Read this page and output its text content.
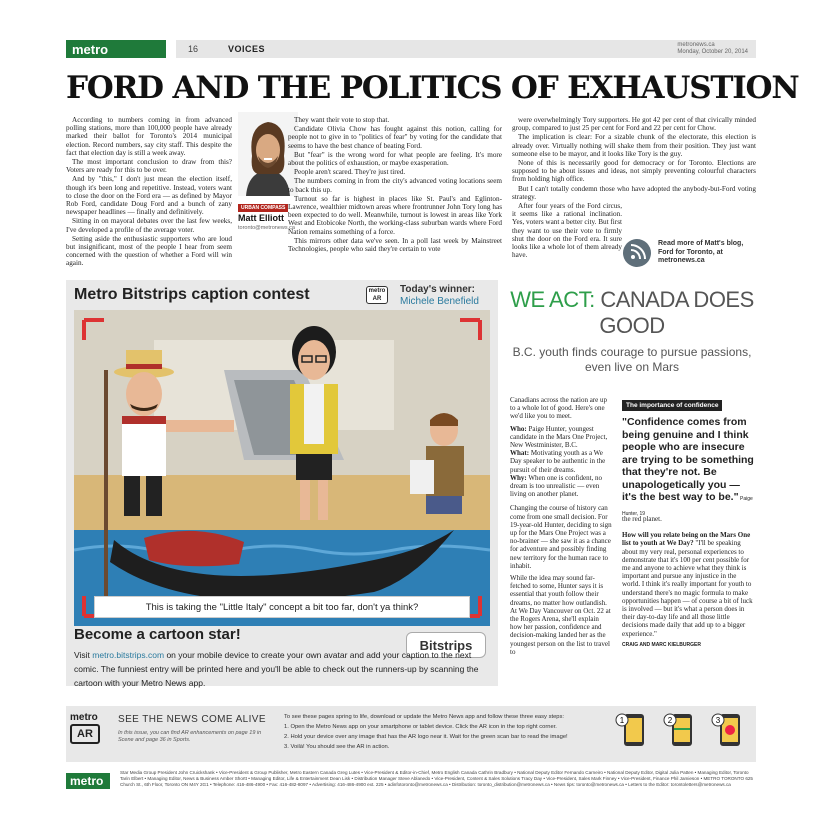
metro	16	VOICES	metronews.ca
Monday, October 20, 2014
FORD AND THE POLITICS OF EXHAUSTION

According to numbers coming in from advanced polling stations, more than 100,000 people have already marked their ballot for Toronto's 2014 municipal election. Record numbers, say city staff. This despite the fact that election day is still a week away.

The most important conclusion to draw from this? Voters are ready for this to be over.

And by "this," I don't just mean the election itself, though it's been long and repetitive. Instead, voters want to close the door on the Ford era — as defined by Mayor Rob Ford, candidate Doug Ford and a bunch of zany newspaper headlines — finally and definitively.

Sitting in on mayoral debates over the last few weeks, I've developed a profile of the average voter.

Setting aside the enthusiastic supporters who are loud but insignificant, most of the people I hear from seem concerned with the question of whether a Ford will win again.

URBAN COMPASS
Matt Elliott
toronto@metronews.ca

They want their vote to stop that.

Candidate Olivia Chow has fought against this notion, calling for people not to give in to "politics of fear" by voting for the candidate that seems to have the best chance of beating Ford.

But "fear" is the wrong word for what people are feeling. It's more about the politics of exhaustion, or maybe exasperation.

People aren't scared. They're just tired.

The numbers coming in from the city's advanced voting locations seem to back this up.

Turnout so far is highest in places like St. Paul's and Eglinton-Lawrence, wealthier midtown areas where frontrunner John Tory long has been expected to do well. Meanwhile, turnout is lowest in areas like York West and Etobicoke North, the working-class suburban wards where Ford Nation remains something of a force.

This mirrors other data we've seen. In a poll last week by Mainstreet Technologies, people who said they're certain to vote

were overwhelmingly Tory supporters. He got 42 per cent of that civically minded group, compared to just 25 per cent for Ford and 22 per cent for Chow.

The implication is clear: For a sizable chunk of the electorate, this election is already over. Virtually nothing will shake them from their position. They just want someone else to be mayor, and it looks like Tory is the guy.

None of this is necessarily good for democracy or for Toronto. Elections are supposed to be about issues and ideas, not simply preventing colourful characters from holding high office.

But I can't totally condemn those who have adopted the anybody-but-Ford voting strategy.

After four years of the Ford circus, it seems like a rational inclination. Yes, voters want a better city. But first they want to use their vote to firmly shut the door on the Ford era. It sure looks like a whole lot of them already have.

Read more of Matt's blog, Ford for Toronto, at metronews.ca
Metro Bitstrips caption contest	metro
AR
Today's winner:
Michele Benefield
This is taking the "Little Italy" concept a bit too far, don't ya think?
Become a cartoon star!
Bitstrips
Visit metro.bitstrips.com on your mobile device to create your own avatar and add your caption to the next comic. The funniest entry will be printed here and you'll be able to check out the runners-up by scanning the cartoon with your Metro News app.
WE ACT: CANADA DOES GOOD
B.C. youth finds courage to pursue passions, even live on Mars

Canadians across the nation are up to a whole lot of good. Here's one we'd like you to meet.

Who: Paige Hunter, youngest candidate in the Mars One Project, New Westminister, B.C.
What: Motivating youth as a We Day speaker to be authentic in the pursuit of their dreams.
Why: When one is confident, no dream is too unrealistic — even living on another planet.

Changing the course of history can come from one small decision. For 19-year-old Hunter, deciding to sign up for the Mars One Project was a no-brainer — she saw it as a chance for adventure and possibly finding new territory for the human race to inhabit.

While the idea may sound far-fetched to some, Hunter says it is essential that youth follow their dreams, no matter how outlandish. At We Day Vancouver on Oct. 22 at the Rogers Arena, she'll explain how her passion, confidence and decision-making landed her as the youngest person on the list to travel to

The importance of confidence
"Confidence comes from being genuine and I think people who are insecure are trying to be something that they're not. Be unapologetically you — it's the best way to be." Paige Hunter, 19

the red planet.

How will you relate being on the Mars One list to youth at We Day? "I'll be speaking about my very real, personal experiences to demonstrate that it's 100 per cent possible for me and anyone to achieve what they think is important and pursue any injustice in the world. I think it's really important for youth to understand there's no magic formula to make opportunities happen — of course a bit of luck is involved — but it's what a person does in their day-to-day life and all those little decisions made daily that add up to a bigger experience."

CRAIG AND MARC KIELBURGER

metro
AR
SEE THE NEWS COME ALIVE
In this issue, you can find AR enhancements on page 19 in Scene and page 36 in Sports.
To see these pages spring to life, download or update the Metro News app and follow these three easy steps:
1. Open the Metro News app on your smartphone or tablet device. Click the AR icon in the top right corner.
2. Hold your device over any image that has the AR logo near it. Wait for the green scan bar to read the image!
3. Voilà! You should see the AR in action.
1	2	3
metro
Star Media Group President John Cruickshank • Vice-President & Group Publisher, Metro Eastern Canada Greg Lutes • Vice-President & Editor-in-Chief, Metro English Canada Cathrin Bradbury • National Deputy Editor Fernando Carneiro • National Deputy Editor, Digital Julia Patten • Managing Editor, Toronto Tarin Elbert • Managing Editor, News & Business Amber Shortt • Managing Editor, Life & Entertainment Dean Lisk • Distribution Manager Steve Ablanedo • Vice-President, Content & Sales Solutions Tracy Day • Vice-President, Sales Mark Finney • Vice-President, Finance Phil Jamieson • METRO TORONTO 625 Church St., 6th Floor, Toronto ON M4Y 2G1 • Telephone: 416-486-4900 • Fax: 416-482-8097 • Advertising: 416-486-4900 ext. 225 • adinfotoronto@metronews.ca • Distribution: toronto_distribution@metronews.ca • News tips: toronto@metronews.ca • Letters to the Editor: torontoletters@metronews.ca
